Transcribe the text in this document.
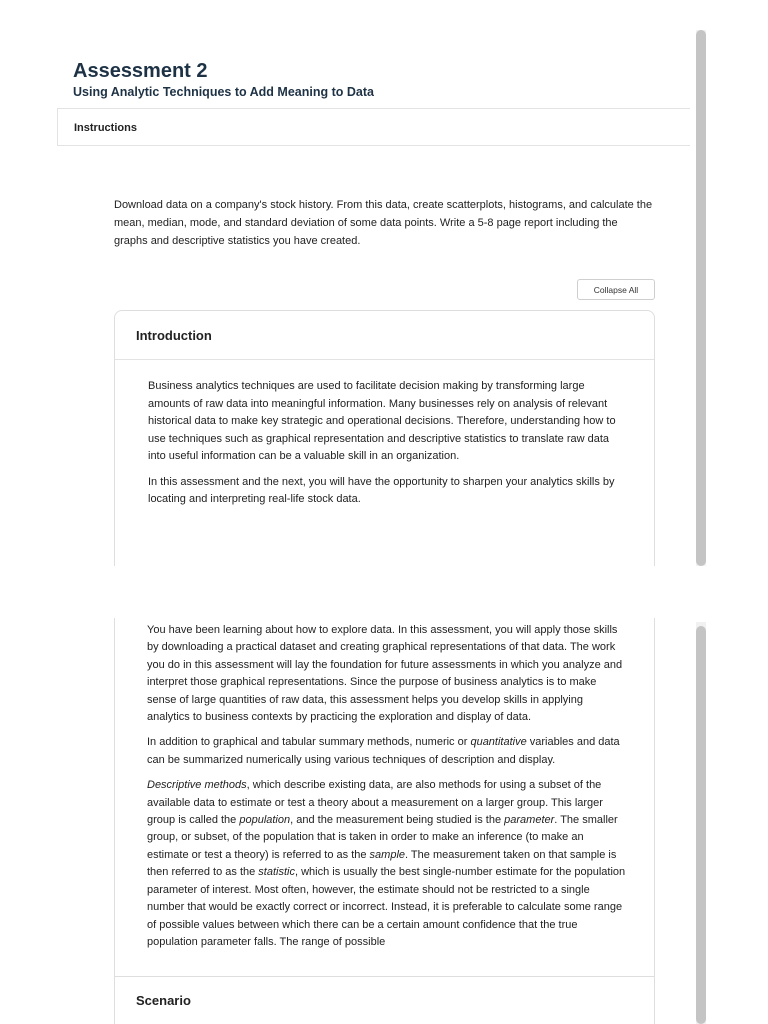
Assessment 2
Using Analytic Techniques to Add Meaning to Data
Instructions

Download data on a company's stock history. From this data, create scatterplots, histograms, and calculate the mean, median, mode, and standard deviation of some data points. Write a 5-8 page report including the graphs and descriptive statistics you have created.

Collapse All
Introduction

Business analytics techniques are used to facilitate decision making by transforming large amounts of raw data into meaningful information. Many businesses rely on analysis of relevant historical data to make key strategic and operational decisions. Therefore, understanding how to use techniques such as graphical representation and descriptive statistics to translate raw data into useful information can be a valuable skill in an organization.

In this assessment and the next, you will have the opportunity to sharpen your analytics skills by locating and interpreting real-life stock data.

You have been learning about how to explore data. In this assessment, you will apply those skills by downloading a practical dataset and creating graphical representations of that data. The work you do in this assessment will lay the foundation for future assessments in which you analyze and interpret those graphical representations. Since the purpose of business analytics is to make sense of large quantities of raw data, this assessment helps you develop skills in applying analytics to business contexts by practicing the exploration and display of data.

In addition to graphical and tabular summary methods, numeric or quantitative variables and data can be summarized numerically using various techniques of description and display.

Descriptive methods, which describe existing data, are also methods for using a subset of the available data to estimate or test a theory about a measurement on a larger group. This larger group is called the population, and the measurement being studied is the parameter. The smaller group, or subset, of the population that is taken in order to make an inference (to make an estimate or test a theory) is referred to as the sample. The measurement taken on that sample is then referred to as the statistic, which is usually the best single-number estimate for the population parameter of interest. Most often, however, the estimate should not be restricted to a single number that would be exactly correct or incorrect. Instead, it is preferable to calculate some range of possible values between which there can be a certain amount confidence that the true population parameter falls. The range of possible

Scenario
